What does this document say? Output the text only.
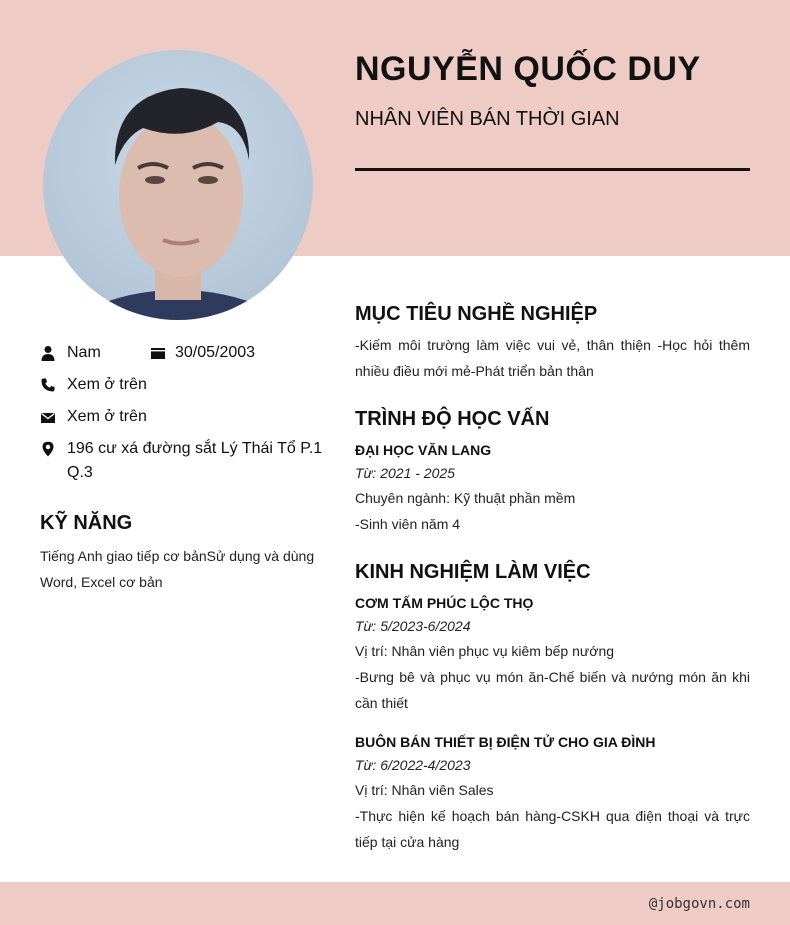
NGUYỄN QUỐC DUY
NHÂN VIÊN BÁN THỜI GIAN
Nam	30/05/2003
Xem ở trên
Xem ở trên
196 cư xá đường sắt Lý Thái Tổ P.1 Q.3
KỸ NĂNG
Tiếng Anh giao tiếp cơ bảnSử dụng và dùng Word, Excel cơ bản
MỤC TIÊU NGHỀ NGHIỆP
-Kiếm môi trường làm việc vui vẻ, thân thiện -Học hỏi thêm nhiều điều mới mẻ-Phát triển bản thân
TRÌNH ĐỘ HỌC VẤN
ĐẠI HỌC VĂN LANG
Từ: 2021 - 2025
Chuyên ngành: Kỹ thuật phần mềm
-Sinh viên năm 4
KINH NGHIỆM LÀM VIỆC
CƠM TẤM PHÚC LỘC THỌ
Từ: 5/2023-6/2024
Vị trí: Nhân viên phục vụ kiêm bếp nướng
-Bưng bê và phục vụ món ăn-Chế biến và nướng món ăn khi cần thiết
BUÔN BÁN THIẾT BỊ ĐIỆN TỬ CHO GIA ĐÌNH
Từ: 6/2022-4/2023
Vị trí: Nhân viên Sales
-Thực hiện kế hoạch bán hàng-CSKH qua điện thoại và trực tiếp tại cửa hàng
@jobgovn.com
